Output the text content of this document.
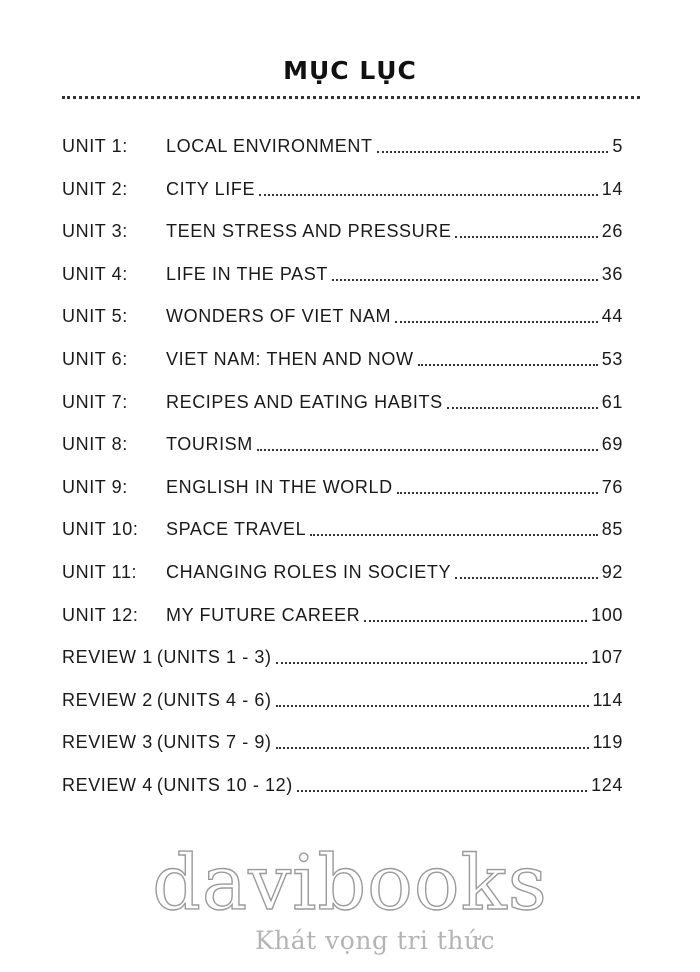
MỤC LỤC
UNIT 1:	LOCAL ENVIRONMENT	5
UNIT 2:	CITY LIFE	14
UNIT 3:	TEEN STRESS AND PRESSURE	26
UNIT 4:	LIFE IN THE PAST	36
UNIT 5:	WONDERS OF VIET NAM	44
UNIT 6:	VIET NAM: THEN AND NOW	53
UNIT 7:	RECIPES AND EATING HABITS	61
UNIT 8:	TOURISM	69
UNIT 9:	ENGLISH IN THE WORLD	76
UNIT 10:	SPACE TRAVEL	85
UNIT 11:	CHANGING ROLES IN SOCIETY	92
UNIT 12:	MY FUTURE CAREER	100
REVIEW 1 (UNITS 1 - 3)	107
REVIEW 2 (UNITS 4 - 6)	114
REVIEW 3 (UNITS 7 - 9)	119
REVIEW 4 (UNITS 10 - 12)	124
davibooks
Khát vọng tri thức
